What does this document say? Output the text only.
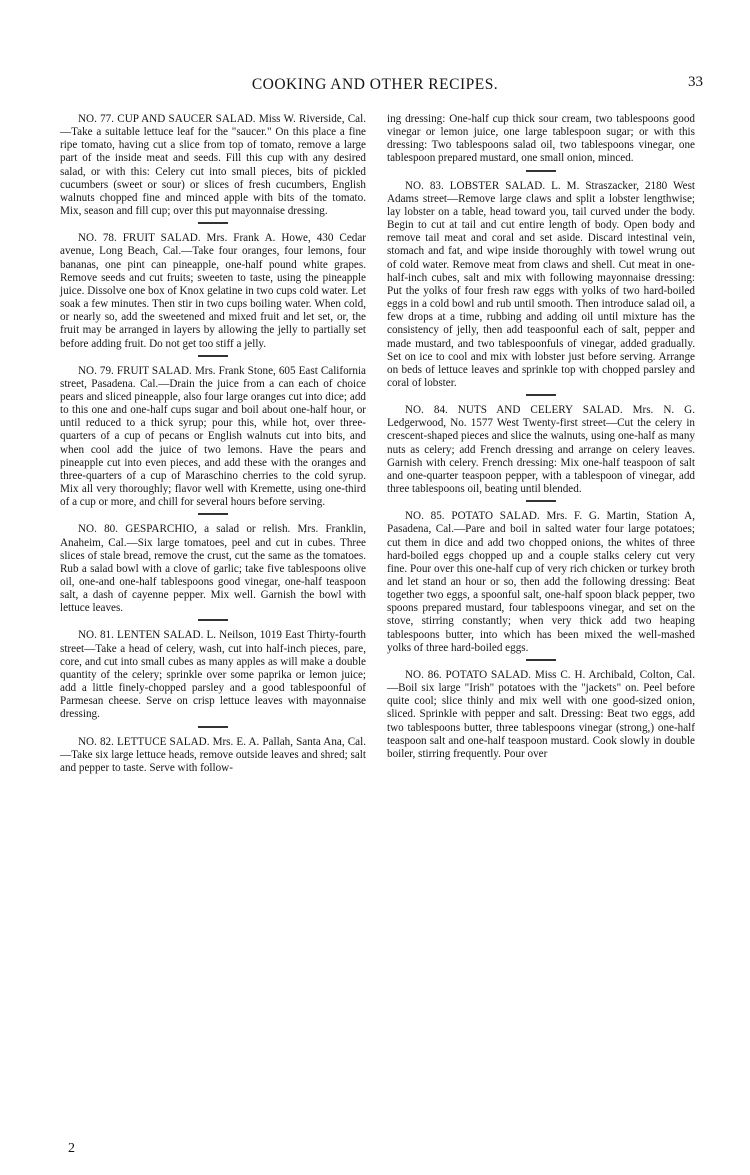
COOKING AND OTHER RECIPES.	33

NO. 77. CUP AND SAUCER SALAD. Miss W. Riverside, Cal.—Take a suitable lettuce leaf for the "saucer." On this place a fine ripe tomato, having cut a slice from top of tomato, remove a large part of the inside meat and seeds. Fill this cup with any desired salad, or with this: Celery cut into small pieces, bits of pickled cucumbers (sweet or sour) or slices of fresh cucumbers, English walnuts chopped fine and minced apple with bits of the tomato. Mix, season and fill cup; over this put mayonnaise dressing.

NO. 78. FRUIT SALAD. Mrs. Frank A. Howe, 430 Cedar avenue, Long Beach, Cal.—Take four oranges, four lemons, four bananas, one pint can pineapple, one-half pound white grapes. Remove seeds and cut fruits; sweeten to taste, using the pineapple juice. Dissolve one box of Knox gelatine in two cups cold water. Let soak a few minutes. Then stir in two cups boiling water. When cold, or nearly so, add the sweetened and mixed fruit and let set, or, the fruit may be arranged in layers by allowing the jelly to partially set before adding fruit. Do not get too stiff a jelly.

NO. 79. FRUIT SALAD. Mrs. Frank Stone, 605 East California street, Pasadena. Cal.—Drain the juice from a can each of choice pears and sliced pineapple, also four large oranges cut into dice; add to this one and one-half cups sugar and boil about one-half hour, or until reduced to a thick syrup; pour this, while hot, over three-quarters of a cup of pecans or English walnuts cut into bits, and when cool add the juice of two lemons. Have the pears and pineapple cut into even pieces, and add these with the oranges and three-quarters of a cup of Maraschino cherries to the cold syrup. Mix all very thoroughly; flavor well with Kremette, using one-third of a cup or more, and chill for several hours before serving.

NO. 80. GESPARCHIO, a salad or relish. Mrs. Franklin, Anaheim, Cal.—Six large tomatoes, peel and cut in cubes. Three slices of stale bread, remove the crust, cut the same as the tomatoes. Rub a salad bowl with a clove of garlic; take five tablespoons olive oil, one-and one-half tablespoons good vinegar, one-half teaspoon salt, a dash of cayenne pepper. Mix well. Garnish the bowl with lettuce leaves.

NO. 81. LENTEN SALAD. L. Neilson, 1019 East Thirty-fourth street—Take a head of celery, wash, cut into half-inch pieces, pare, core, and cut into small cubes as many apples as will make a double quantity of the celery; sprinkle over some paprika or lemon juice; add a little finely-chopped parsley and a good tablespoonful of Parmesan cheese. Serve on crisp lettuce leaves with mayonnaise dressing.

NO. 82. LETTUCE SALAD. Mrs. E. A. Pallah, Santa Ana, Cal.—Take six large lettuce heads, remove outside leaves and shred; salt and pepper to taste. Serve with follow-

ing dressing: One-half cup thick sour cream, two tablespoons good vinegar or lemon juice, one large tablespoon sugar; or with this dressing: Two tablespoons salad oil, two tablespoons vinegar, one tablespoon prepared mustard, one small onion, minced.

NO. 83. LOBSTER SALAD. L. M. Straszacker, 2180 West Adams street—Remove large claws and split a lobster lengthwise; lay lobster on a table, head toward you, tail curved under the body. Begin to cut at tail and cut entire length of body. Open body and remove tail meat and coral and set aside. Discard intestinal vein, stomach and fat, and wipe inside thoroughly with towel wrung out of cold water. Remove meat from claws and shell. Cut meat in one-half-inch cubes, salt and mix with following mayonnaise dressing: Put the yolks of four fresh raw eggs with yolks of two hard-boiled eggs in a cold bowl and rub until smooth. Then introduce salad oil, a few drops at a time, rubbing and adding oil until mixture has the consistency of jelly, then add teaspoonful each of salt, pepper and made mustard, and two tablespoonfuls of vinegar, added gradually. Set on ice to cool and mix with lobster just before serving. Arrange on beds of lettuce leaves and sprinkle top with chopped parsley and coral of lobster.

NO. 84. NUTS AND CELERY SALAD. Mrs. N. G. Ledgerwood, No. 1577 West Twenty-first street—Cut the celery in crescent-shaped pieces and slice the walnuts, using one-half as many nuts as celery; add French dressing and arrange on celery leaves. Garnish with celery. French dressing: Mix one-half teaspoon of salt and one-quarter teaspoon pepper, with a tablespoon of vinegar, add three tablespoons oil, beating until blended.

NO. 85. POTATO SALAD. Mrs. F. G. Martin, Station A, Pasadena, Cal.—Pare and boil in salted water four large potatoes; cut them in dice and add two chopped onions, the whites of three hard-boiled eggs chopped up and a couple stalks celery cut very fine. Pour over this one-half cup of very rich chicken or turkey broth and let stand an hour or so, then add the following dressing: Beat together two eggs, a spoonful salt, one-half spoon black pepper, two spoons prepared mustard, four tablespoons vinegar, and set on the stove, stirring constantly; when very thick add two heaping tablespoons butter, into which has been mixed the well-mashed yolks of three hard-boiled eggs.

NO. 86. POTATO SALAD. Miss C. H. Archibald, Colton, Cal.—Boil six large "Irish" potatoes with the "jackets" on. Peel before quite cool; slice thinly and mix well with one good-sized onion, sliced. Sprinkle with pepper and salt. Dressing: Beat two eggs, add two tablespoons butter, three tablespoons vinegar (strong,) one-half teaspoon salt and one-half teaspoon mustard. Cook slowly in double boiler, stirring frequently. Pour over

2
